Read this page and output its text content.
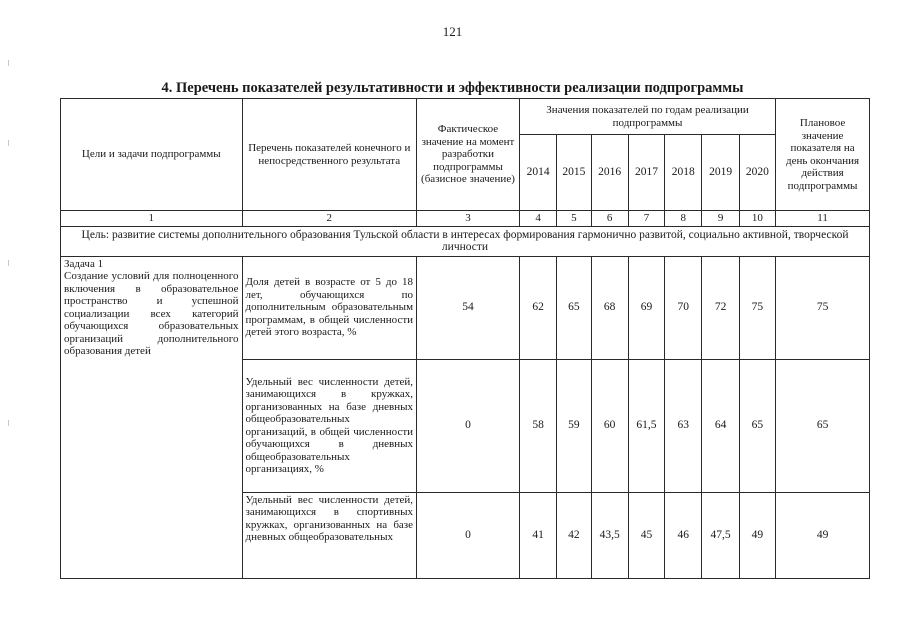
121
4. Перечень показателей результативности и эффективности реализации подпрограммы
Цели и задачи подпрограммы	Перечень показателей конечного и непосредственного результата	Фактическое значение на момент разработки подпрограммы (базисное значение)	Значения показателей по годам реализации подпрограммы							Плановое значение показателя на день окончания действия подпрограммы
			2014	2015	2016	2017	2018	2019	2020	
1	2	3	4	5	6	7	8	9	10	11
Цель: развитие системы дополнительного образования Тульской области в интересах формирования гармонично развитой, социально активной, творческой личности										

Задача 1
Создание условий для полноценного включения в образовательное пространство и успешной социализации всех категорий обучающихся образовательных организаций дополнительного образования детей	Доля детей в возрасте от 5 до 18 лет, обучающихся по дополнительным образовательным программам, в общей численности детей этого возраста, %	54	62	65	68	69	70	72	75	75
	Удельный вес численности детей, занимающихся в кружках, организованных на базе дневных общеобразовательных организаций, в общей численности обучающихся в дневных общеобразовательных организациях, %	0	58	59	60	61,5	63	64	65	65
	Удельный вес численности детей, занимающихся в спортивных кружках, организованных на базе дневных общеобразовательных	0	41	42	43,5	45	46	47,5	49	49
